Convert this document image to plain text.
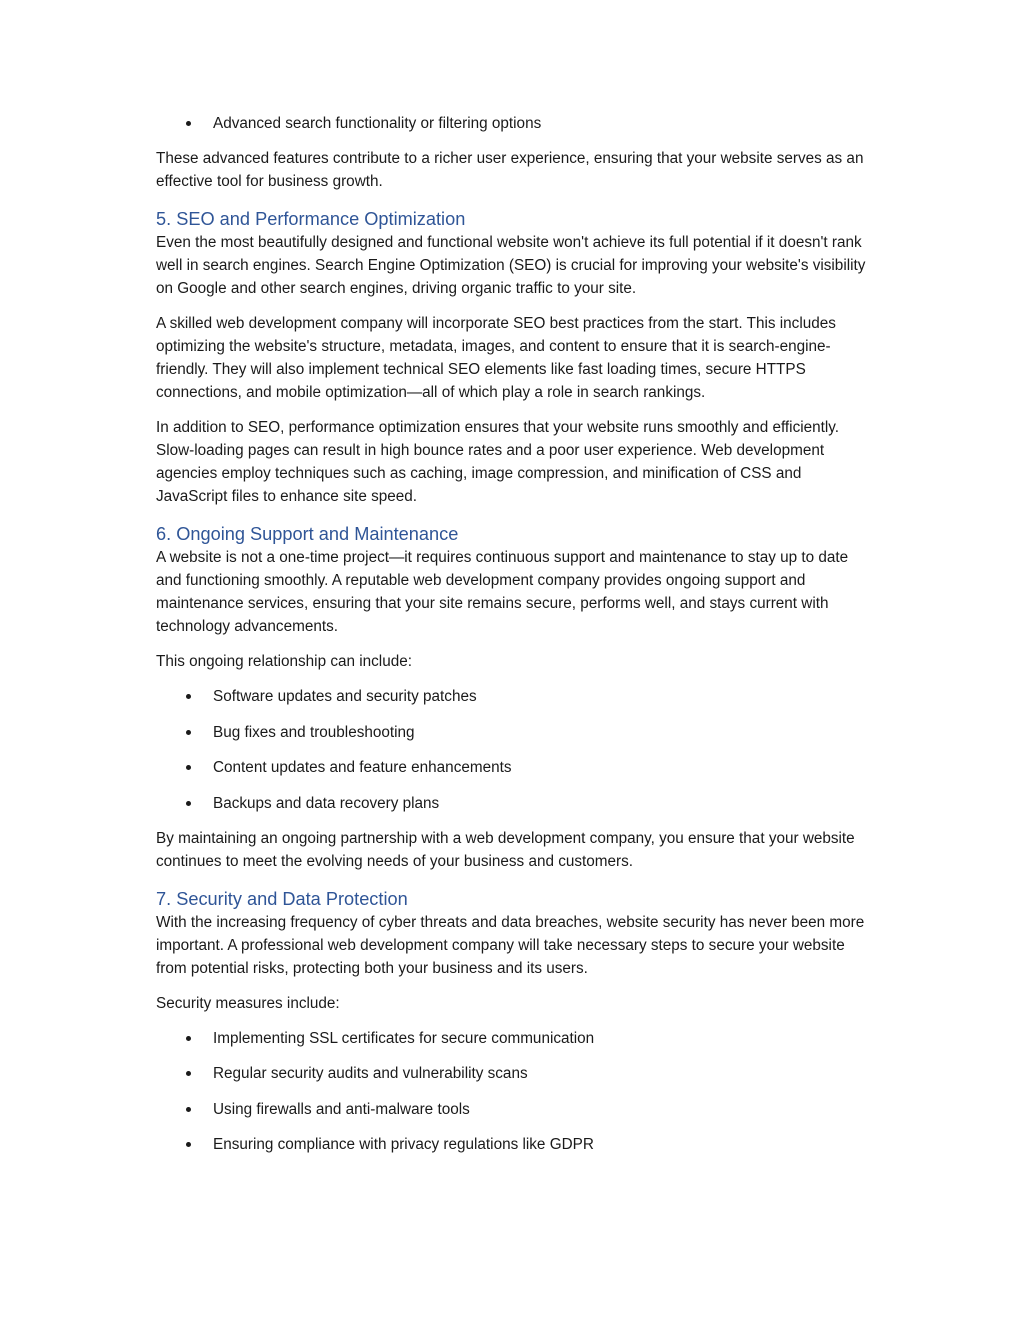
Advanced search functionality or filtering options

These advanced features contribute to a richer user experience, ensuring that your website serves as an effective tool for business growth.

5. SEO and Performance Optimization

Even the most beautifully designed and functional website won't achieve its full potential if it doesn't rank well in search engines. Search Engine Optimization (SEO) is crucial for improving your website's visibility on Google and other search engines, driving organic traffic to your site.

A skilled web development company will incorporate SEO best practices from the start. This includes optimizing the website's structure, metadata, images, and content to ensure that it is search-engine-friendly. They will also implement technical SEO elements like fast loading times, secure HTTPS connections, and mobile optimization—all of which play a role in search rankings.

In addition to SEO, performance optimization ensures that your website runs smoothly and efficiently. Slow-loading pages can result in high bounce rates and a poor user experience. Web development agencies employ techniques such as caching, image compression, and minification of CSS and JavaScript files to enhance site speed.

6. Ongoing Support and Maintenance

A website is not a one-time project—it requires continuous support and maintenance to stay up to date and functioning smoothly. A reputable web development company provides ongoing support and maintenance services, ensuring that your site remains secure, performs well, and stays current with technology advancements.

This ongoing relationship can include:

Software updates and security patches
Bug fixes and troubleshooting
Content updates and feature enhancements
Backups and data recovery plans

By maintaining an ongoing partnership with a web development company, you ensure that your website continues to meet the evolving needs of your business and customers.

7. Security and Data Protection

With the increasing frequency of cyber threats and data breaches, website security has never been more important. A professional web development company will take necessary steps to secure your website from potential risks, protecting both your business and its users.

Security measures include:

Implementing SSL certificates for secure communication
Regular security audits and vulnerability scans
Using firewalls and anti-malware tools
Ensuring compliance with privacy regulations like GDPR
